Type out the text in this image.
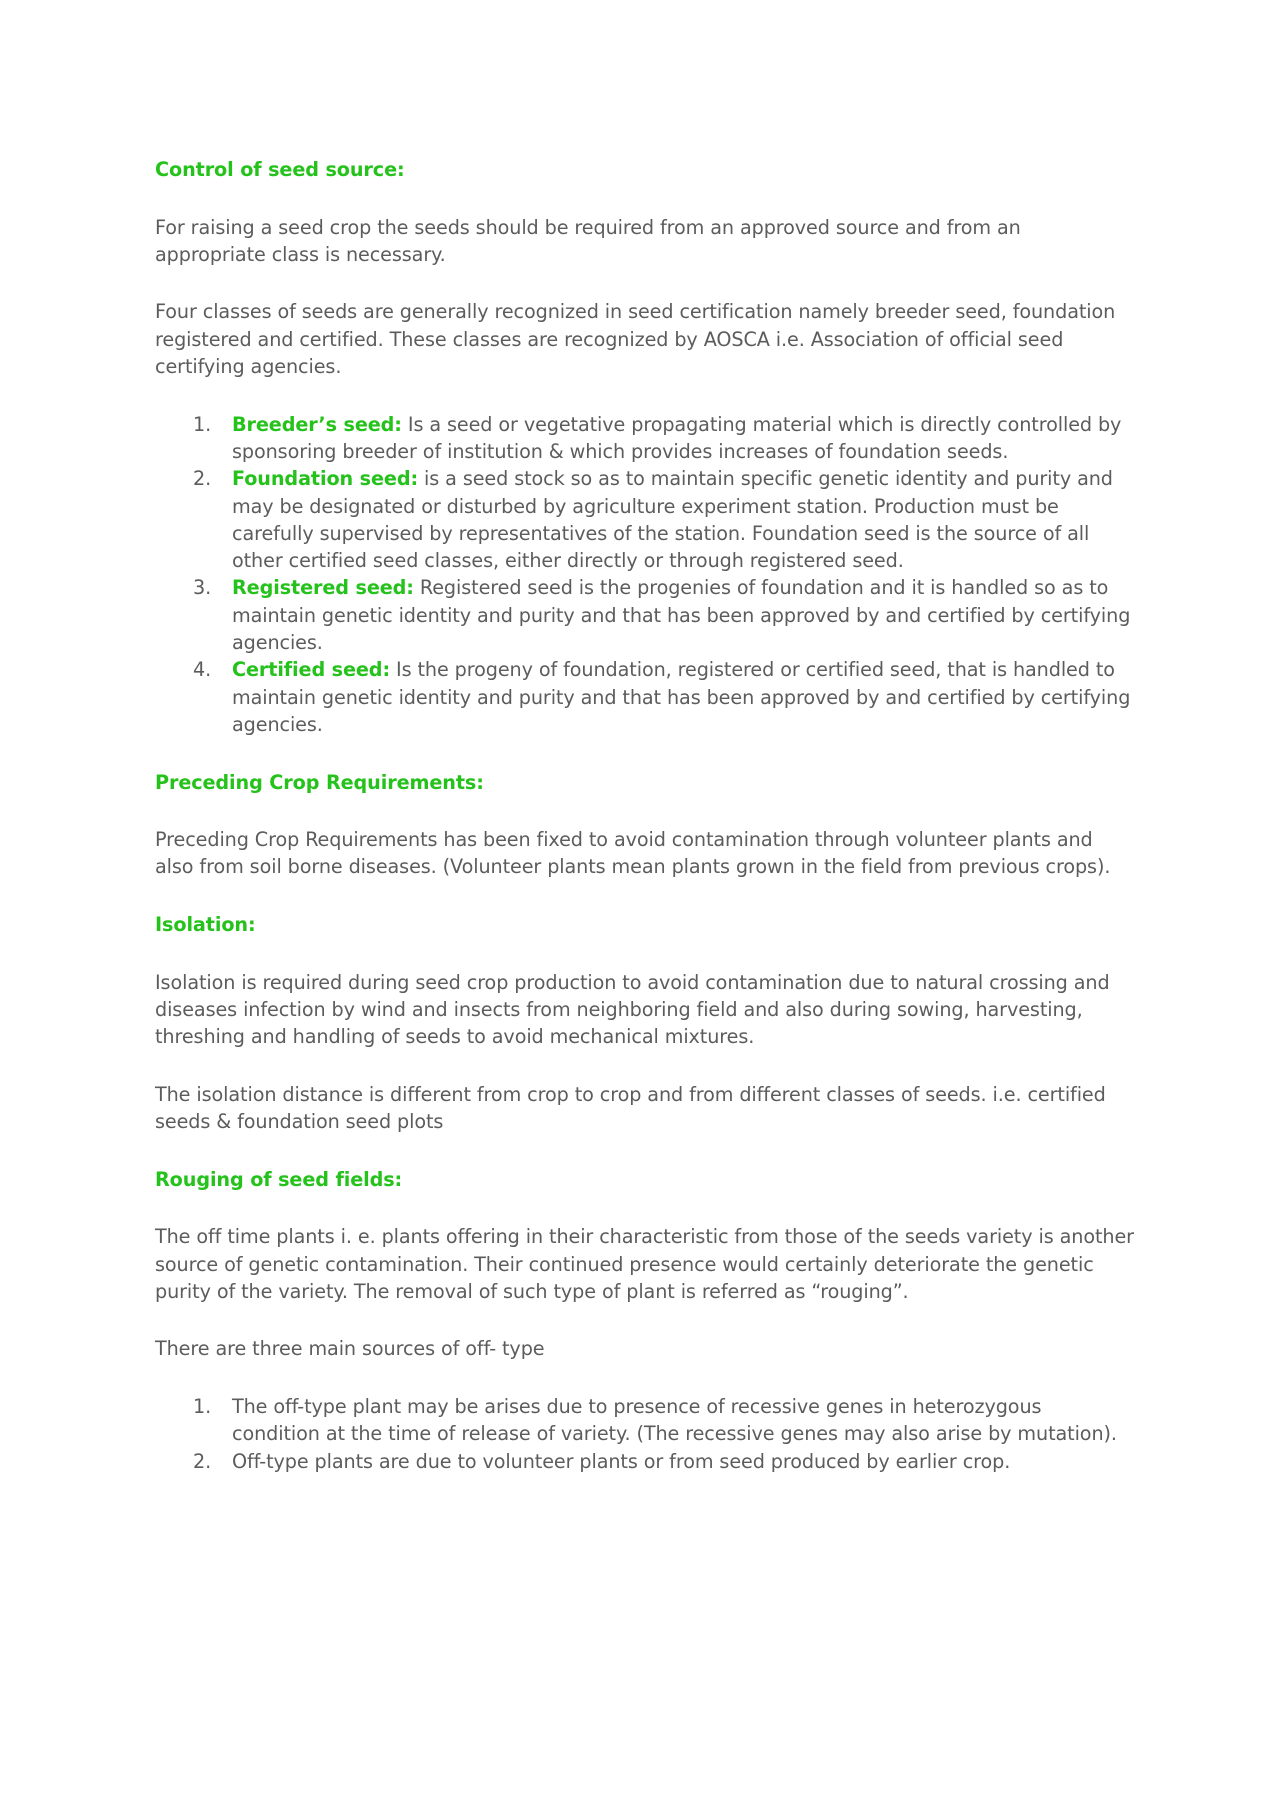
Control of seed source:

For raising a seed crop the seeds should be required from an approved source and from an appropriate class is necessary.

Four classes of seeds are generally recognized in seed certification namely breeder seed, foundation registered and certified. These classes are recognized by AOSCA i.e. Association of official seed certifying agencies.

1. Breeder’s seed: Is a seed or vegetative propagating material which is directly controlled by sponsoring breeder of institution & which provides increases of foundation seeds.
2. Foundation seed: is a seed stock so as to maintain specific genetic identity and purity and may be designated or disturbed by agriculture experiment station. Production must be carefully supervised by representatives of the station. Foundation seed is the source of all other certified seed classes, either directly or through registered seed.
3. Registered seed: Registered seed is the progenies of foundation and it is handled so as to maintain genetic identity and purity and that has been approved by and certified by certifying agencies.
4. Certified seed: Is the progeny of foundation, registered or certified seed, that is handled to maintain genetic identity and purity and that has been approved by and certified by certifying agencies.
Preceding Crop Requirements:

Preceding Crop Requirements has been fixed to avoid contamination through volunteer plants and also from soil borne diseases. (Volunteer plants mean plants grown in the field from previous crops).

Isolation:

Isolation is required during seed crop production to avoid contamination due to natural crossing and diseases infection by wind and insects from neighboring field and also during sowing, harvesting, threshing and handling of seeds to avoid mechanical mixtures.

The isolation distance is different from crop to crop and from different classes of seeds. i.e. certified seeds & foundation seed plots

Rouging of seed fields:

The off time plants i. e. plants offering in their characteristic from those of the seeds variety is another source of genetic contamination. Their continued presence would certainly deteriorate the genetic purity of the variety. The removal of such type of plant is referred as “rouging”.

There are three main sources of off- type

1. The off-type plant may be arises due to presence of recessive genes in heterozygous condition at the time of release of variety. (The recessive genes may also arise by mutation).
2. Off-type plants are due to volunteer plants or from seed produced by earlier crop.
